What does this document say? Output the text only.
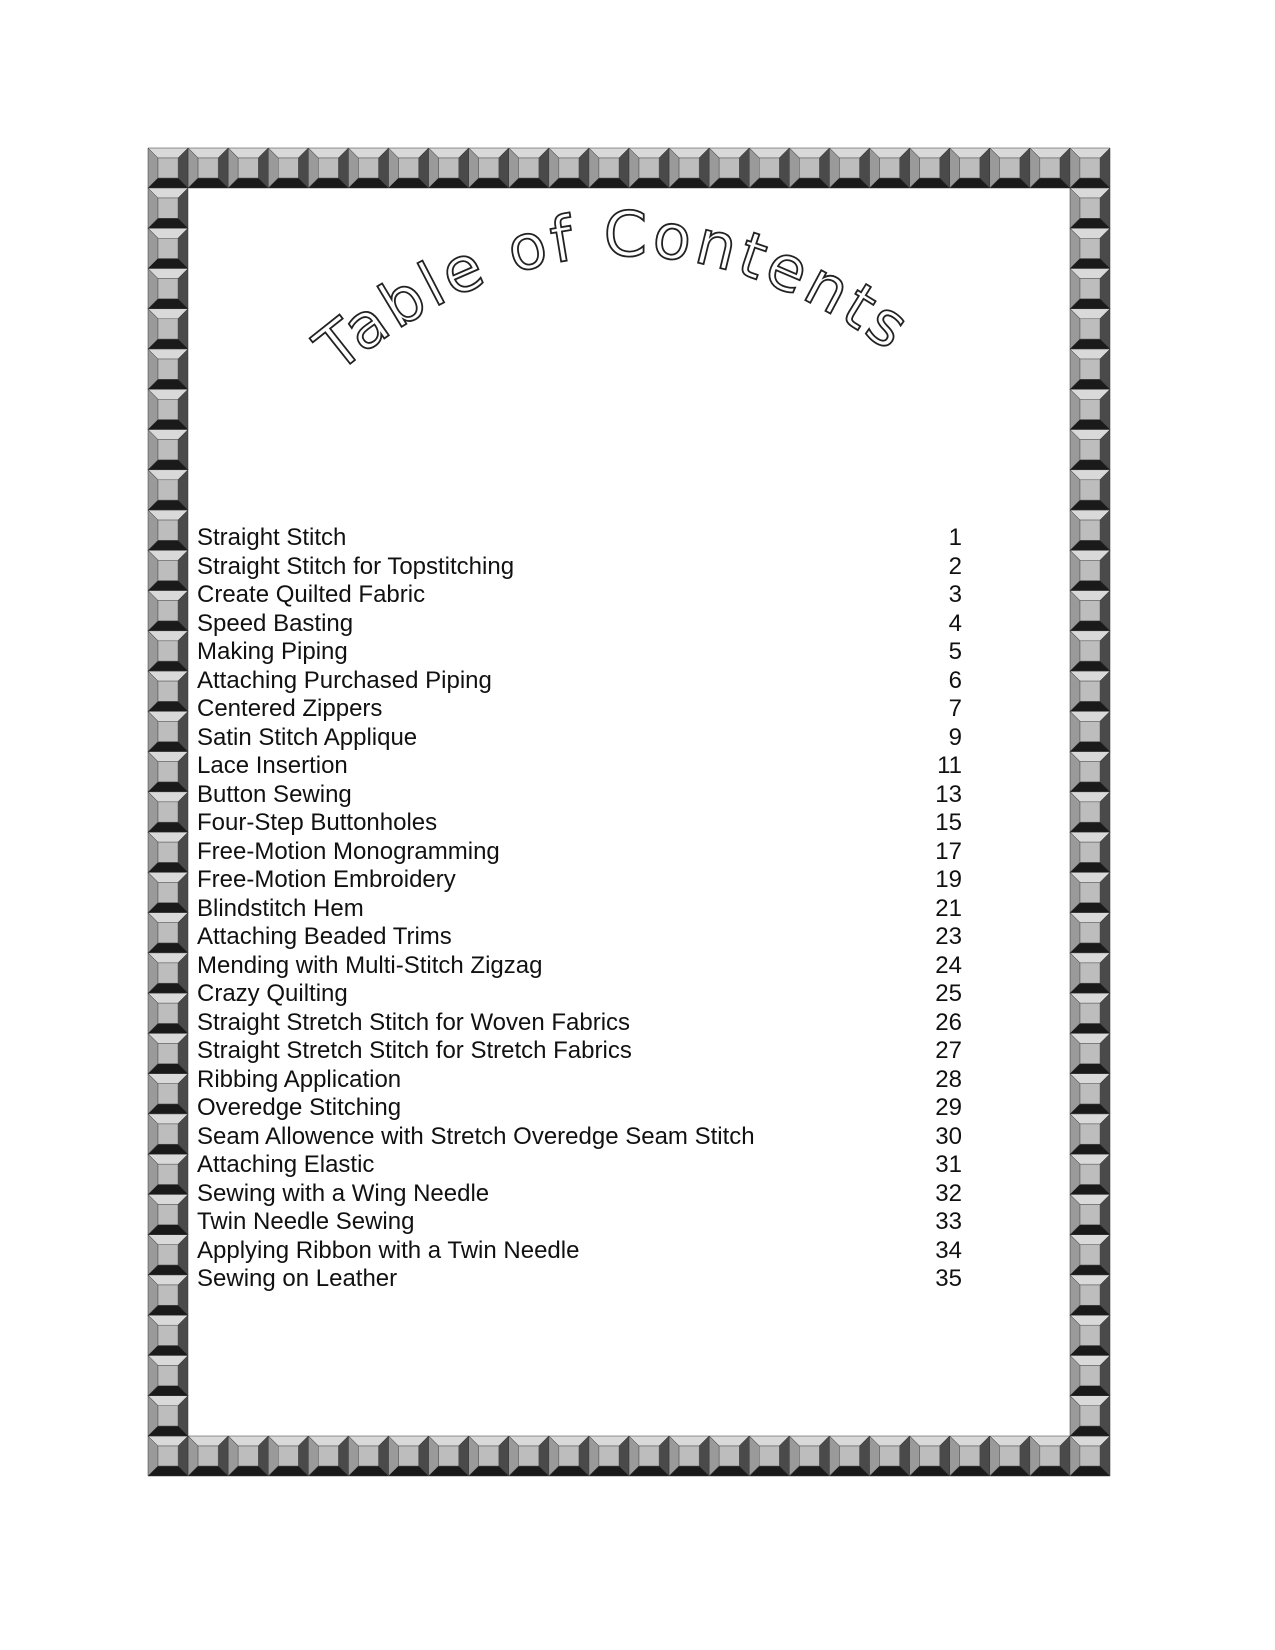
Table of Contents
Straight Stitch	1
Straight Stitch for Topstitching	2
Create Quilted Fabric	3
Speed Basting	4
Making Piping	5
Attaching Purchased Piping	6
Centered Zippers	7
Satin Stitch Applique	9
Lace Insertion	11
Button Sewing	13
Four-Step Buttonholes	15
Free-Motion Monogramming	17
Free-Motion Embroidery	19
Blindstitch Hem	21
Attaching Beaded Trims	23
Mending with Multi-Stitch Zigzag	24
Crazy Quilting	25
Straight Stretch Stitch for Woven Fabrics	26
Straight Stretch Stitch for Stretch Fabrics	27
Ribbing Application	28
Overedge Stitching	29
Seam Allowence with Stretch Overedge Seam Stitch	30
Attaching Elastic	31
Sewing with a Wing Needle	32
Twin Needle Sewing	33
Applying Ribbon with a Twin Needle	34
Sewing on Leather	35
